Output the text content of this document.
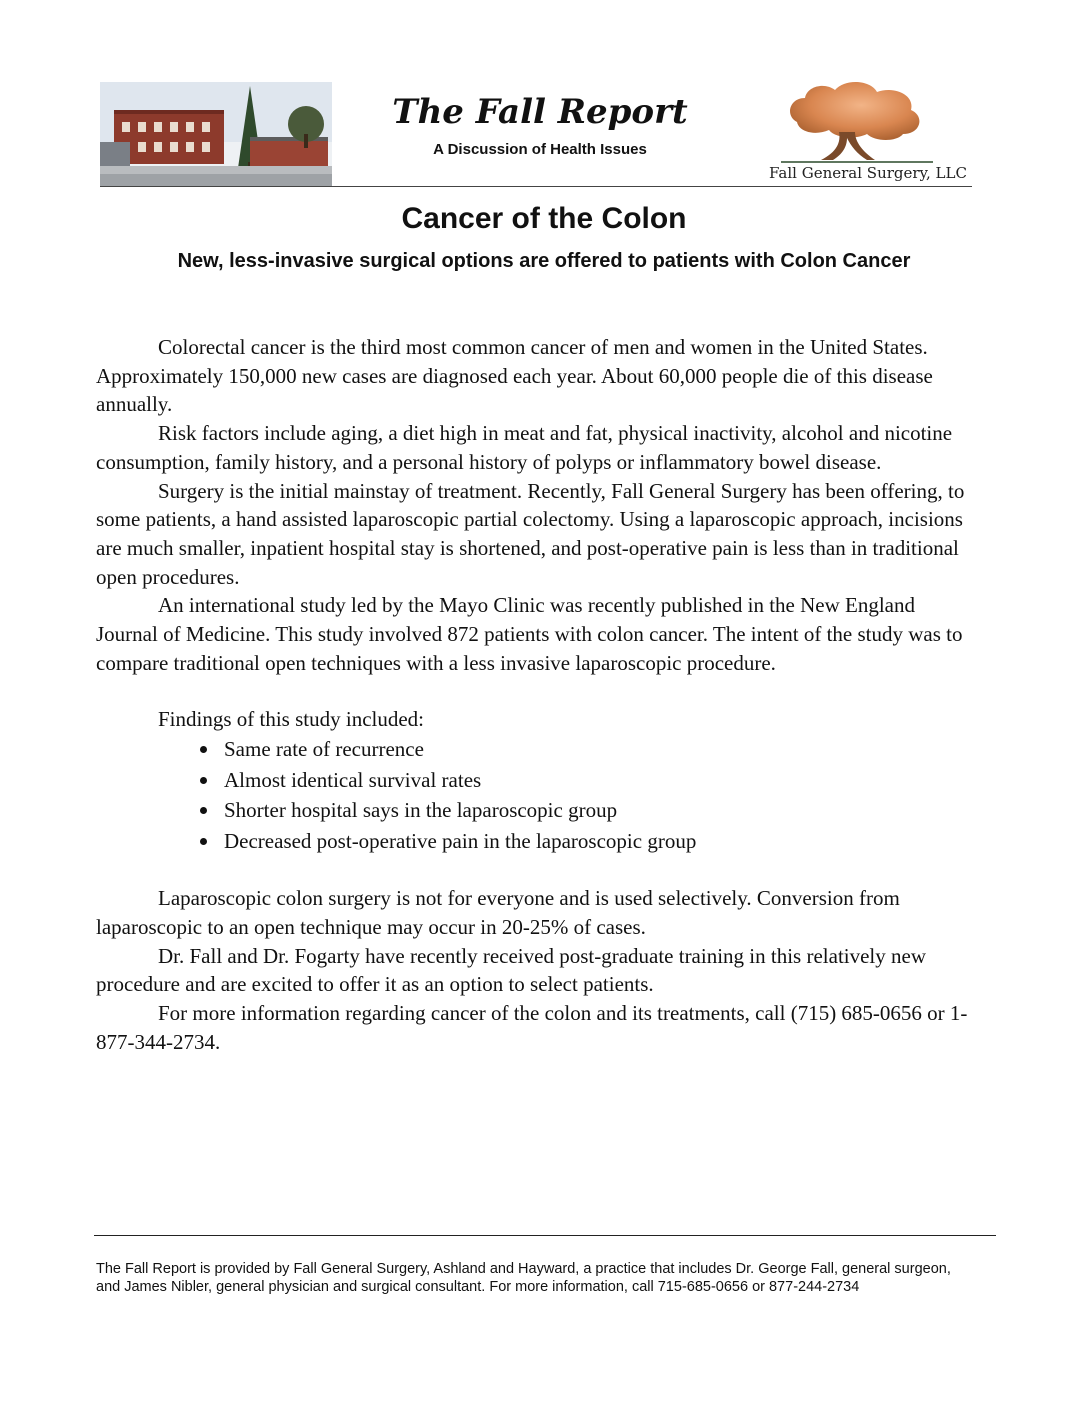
The Fall Report
A Discussion of Health Issues
Fall General Surgery, LLC
Cancer of the Colon
New, less-invasive surgical options are offered to patients with Colon Cancer

Colorectal cancer is the third most common cancer of men and women in the United States. Approximately 150,000 new cases are diagnosed each year. About 60,000 people die of this disease annually.

Risk factors include aging, a diet high in meat and fat, physical inactivity, alcohol and nicotine consumption, family history, and a personal history of polyps or inflammatory bowel disease.

Surgery is the initial mainstay of treatment. Recently, Fall General Surgery has been offering, to some patients, a hand assisted laparoscopic partial colectomy. Using a laparoscopic approach, incisions are much smaller, inpatient hospital stay is shortened, and post-operative pain is less than in traditional open procedures.

An international study led by the Mayo Clinic was recently published in the New England Journal of Medicine. This study involved 872 patients with colon cancer. The intent of the study was to compare traditional open techniques with a less invasive laparoscopic procedure.

Findings of this study included:
Same rate of recurrence
Almost identical survival rates
Shorter hospital says in the laparoscopic group
Decreased post-operative pain in the laparoscopic group

Laparoscopic colon surgery is not for everyone and is used selectively. Conversion from laparoscopic to an open technique may occur in 20-25% of cases.

Dr. Fall and Dr. Fogarty have recently received post-graduate training in this relatively new procedure and are excited to offer it as an option to select patients.

For more information regarding cancer of the colon and its treatments, call (715) 685-0656 or 1-877-344-2734.

The Fall Report is provided by Fall General Surgery, Ashland and Hayward, a practice that includes Dr. George Fall, general surgeon, and James Nibler, general physician and surgical consultant. For more information, call 715-685-0656 or 877-244-2734
